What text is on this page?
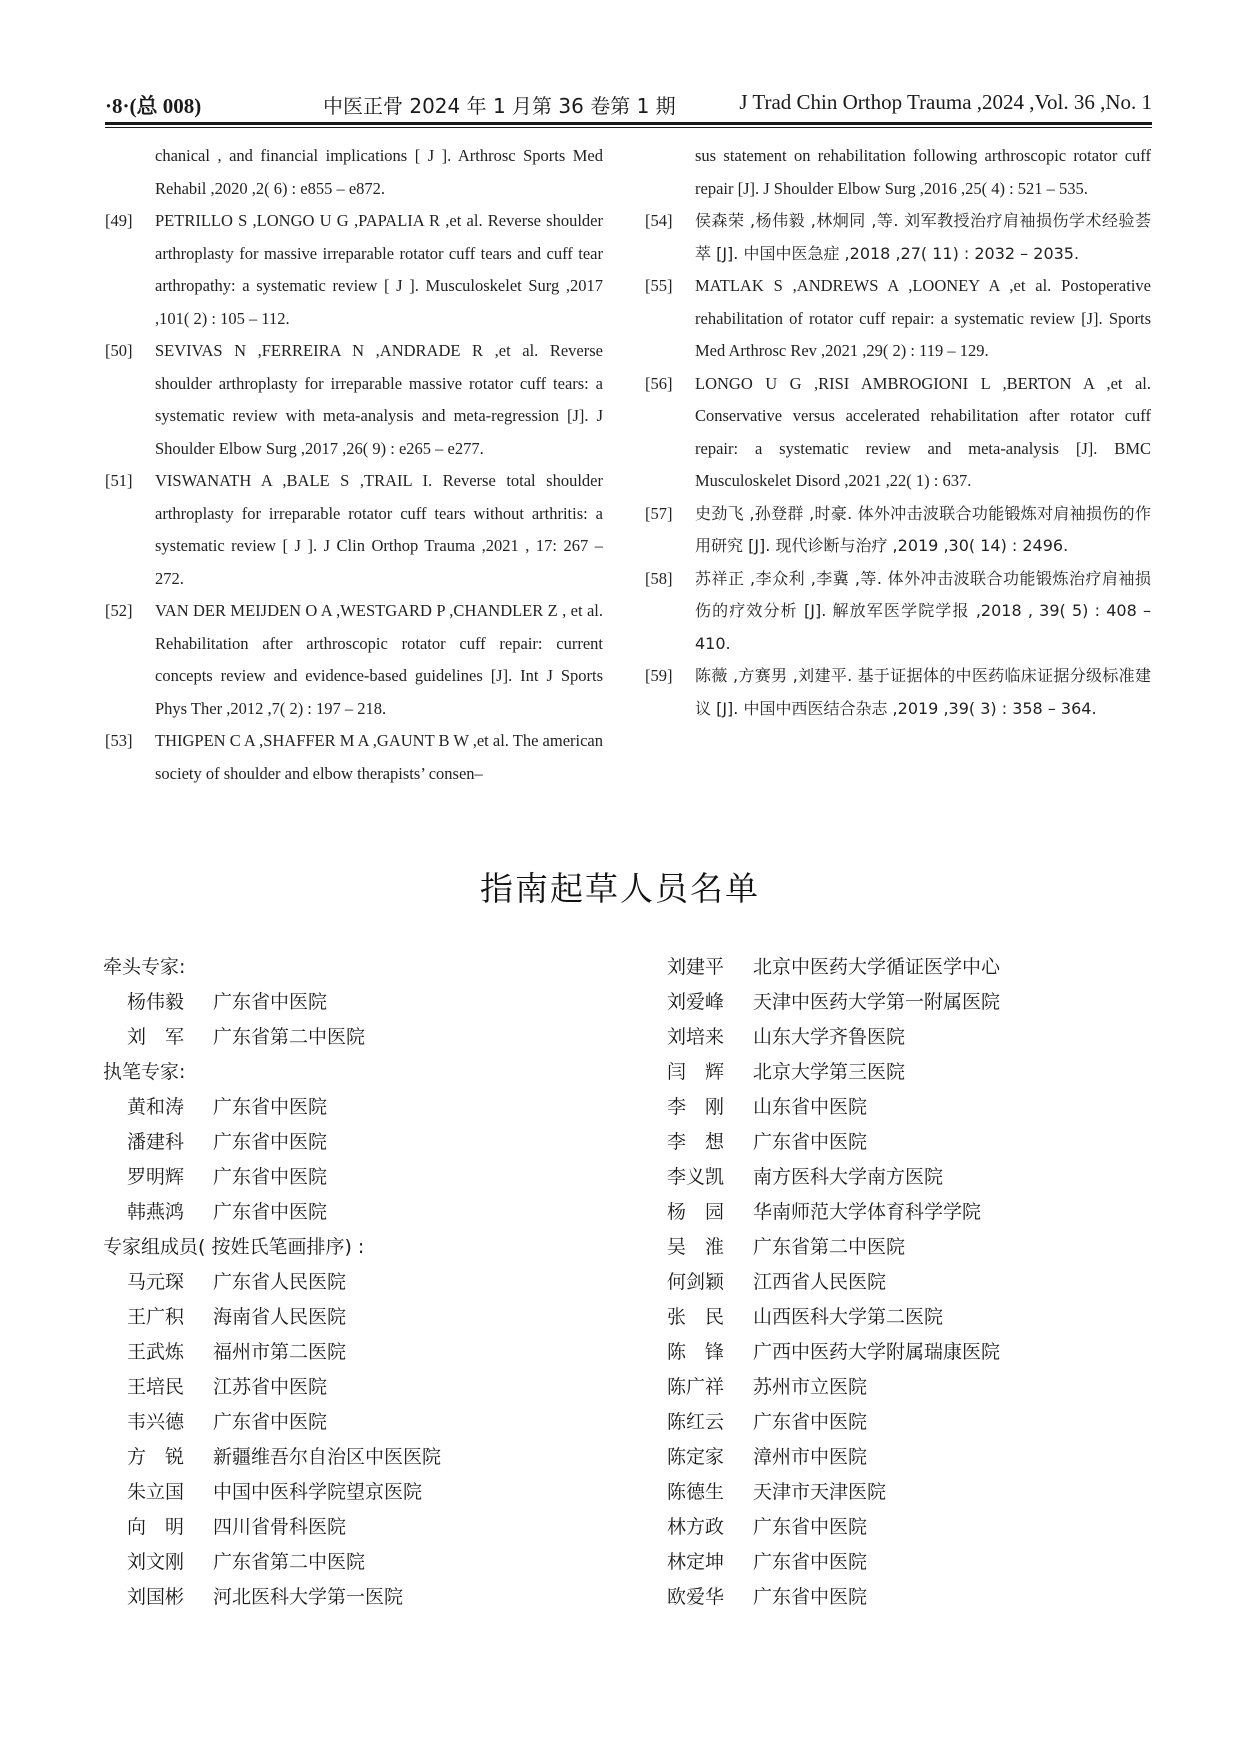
·8·(总 008)	中医正骨 2024 年 1 月第 36 卷第 1 期	J Trad Chin Orthop Trauma ,2024 ,Vol. 36 ,No. 1
chanical , and financial implications [ J ]. Arthrosc Sports Med Rehabil ,2020 ,2( 6) : e855 – e872.
[49] PETRILLO S ,LONGO U G ,PAPALIA R ,et al. Reverse shoulder arthroplasty for massive irreparable rotator cuff tears and cuff tear arthropathy: a systematic review [ J ]. Musculoskelet Surg ,2017 ,101( 2) : 105 – 112.
[50] SEVIVAS N ,FERREIRA N ,ANDRADE R ,et al. Reverse shoulder arthroplasty for irreparable massive rotator cuff tears: a systematic review with meta-analysis and meta-regression [J]. J Shoulder Elbow Surg ,2017 ,26( 9) : e265 – e277.
[51] VISWANATH A ,BALE S ,TRAIL I. Reverse total shoulder arthroplasty for irreparable rotator cuff tears without arthritis: a systematic review [ J ]. J Clin Orthop Trauma ,2021 , 17: 267 – 272.
[52] VAN DER MEIJDEN O A ,WESTGARD P ,CHANDLER Z , et al. Rehabilitation after arthroscopic rotator cuff repair: current concepts review and evidence-based guidelines [J]. Int J Sports Phys Ther ,2012 ,7( 2) : 197 – 218.
[53] THIGPEN C A ,SHAFFER M A ,GAUNT B W ,et al. The american society of shoulder and elbow therapists’ consen–
sus statement on rehabilitation following arthroscopic rotator cuff repair [J]. J Shoulder Elbow Surg ,2016 ,25( 4) : 521 – 535.
[54] 侯森荣 ,杨伟毅 ,林炯同 ,等. 刘军教授治疗肩袖损伤学术经验荟萃 [J]. 中国中医急症 ,2018 ,27( 11) : 2032 – 2035.
[55] MATLAK S ,ANDREWS A ,LOONEY A ,et al. Postoperative rehabilitation of rotator cuff repair: a systematic review [J]. Sports Med Arthrosc Rev ,2021 ,29( 2) : 119 – 129.
[56] LONGO U G ,RISI AMBROGIONI L ,BERTON A ,et al. Conservative versus accelerated rehabilitation after rotator cuff repair: a systematic review and meta-analysis [J]. BMC Musculoskelet Disord ,2021 ,22( 1) : 637.
[57] 史劲飞 ,孙登群 ,时豪. 体外冲击波联合功能锻炼对肩袖损伤的作用研究 [J]. 现代诊断与治疗 ,2019 ,30( 14) : 2496.
[58] 苏祥正 ,李众利 ,李冀 ,等. 体外冲击波联合功能锻炼治疗肩袖损伤的疗效分析 [J]. 解放军医学院学报 ,2018 , 39( 5) : 408 – 410.
[59] 陈薇 ,方赛男 ,刘建平. 基于证据体的中医药临床证据分级标准建议 [J]. 中国中西医结合杂志 ,2019 ,39( 3) : 358 – 364.
指南起草人员名单
牵头专家:
杨伟毅 广东省中医院
刘　军 广东省第二中医院
执笔专家:
黄和涛 广东省中医院
潘建科 广东省中医院
罗明辉 广东省中医院
韩燕鸿 广东省中医院
专家组成员( 按姓氏笔画排序) :
马元琛 广东省人民医院
王广积 海南省人民医院
王武炼 福州市第二医院
王培民 江苏省中医院
韦兴德 广东省中医院
方　锐 新疆维吾尔自治区中医医院
朱立国 中国中医科学院望京医院
向　明 四川省骨科医院
刘文刚 广东省第二中医院
刘国彬 河北医科大学第一医院
刘建平 北京中医药大学循证医学中心
刘爱峰 天津中医药大学第一附属医院
刘培来 山东大学齐鲁医院
闫　辉 北京大学第三医院
李　刚 山东省中医院
李　想 广东省中医院
李义凯 南方医科大学南方医院
杨　园 华南师范大学体育科学学院
吴　淮 广东省第二中医院
何剑颖 江西省人民医院
张　民 山西医科大学第二医院
陈　锋 广西中医药大学附属瑞康医院
陈广祥 苏州市立医院
陈红云 广东省中医院
陈定家 漳州市中医院
陈德生 天津市天津医院
林方政 广东省中医院
林定坤 广东省中医院
欧爱华 广东省中医院
